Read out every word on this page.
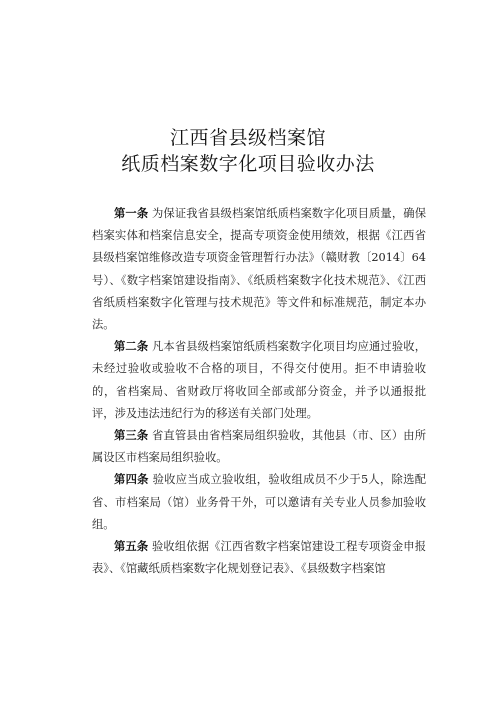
江西省县级档案馆
纸质档案数字化项目验收办法

第一条 为保证我省县级档案馆纸质档案数字化项目质量，确保档案实体和档案信息安全，提高专项资金使用绩效，根据《江西省县级档案馆维修改造专项资金管理暂行办法》（赣财教〔2014〕64号）、《数字档案馆建设指南》、《纸质档案数字化技术规范》、《江西省纸质档案数字化管理与技术规范》等文件和标准规范，制定本办法。

第二条 凡本省县级档案馆纸质档案数字化项目均应通过验收，未经过验收或验收不合格的项目，不得交付使用。拒不申请验收的，省档案局、省财政厅将收回全部或部分资金，并予以通报批评，涉及违法违纪行为的移送有关部门处理。

第三条 省直管县由省档案局组织验收，其他县（市、区）由所属设区市档案局组织验收。

第四条 验收应当成立验收组，验收组成员不少于5人，除选配省、市档案局（馆）业务骨干外，可以邀请有关专业人员参加验收组。

第五条 验收组依据《江西省数字档案馆建设工程专项资金申报表》、《馆藏纸质档案数字化规划登记表》、《县级数字档案馆
